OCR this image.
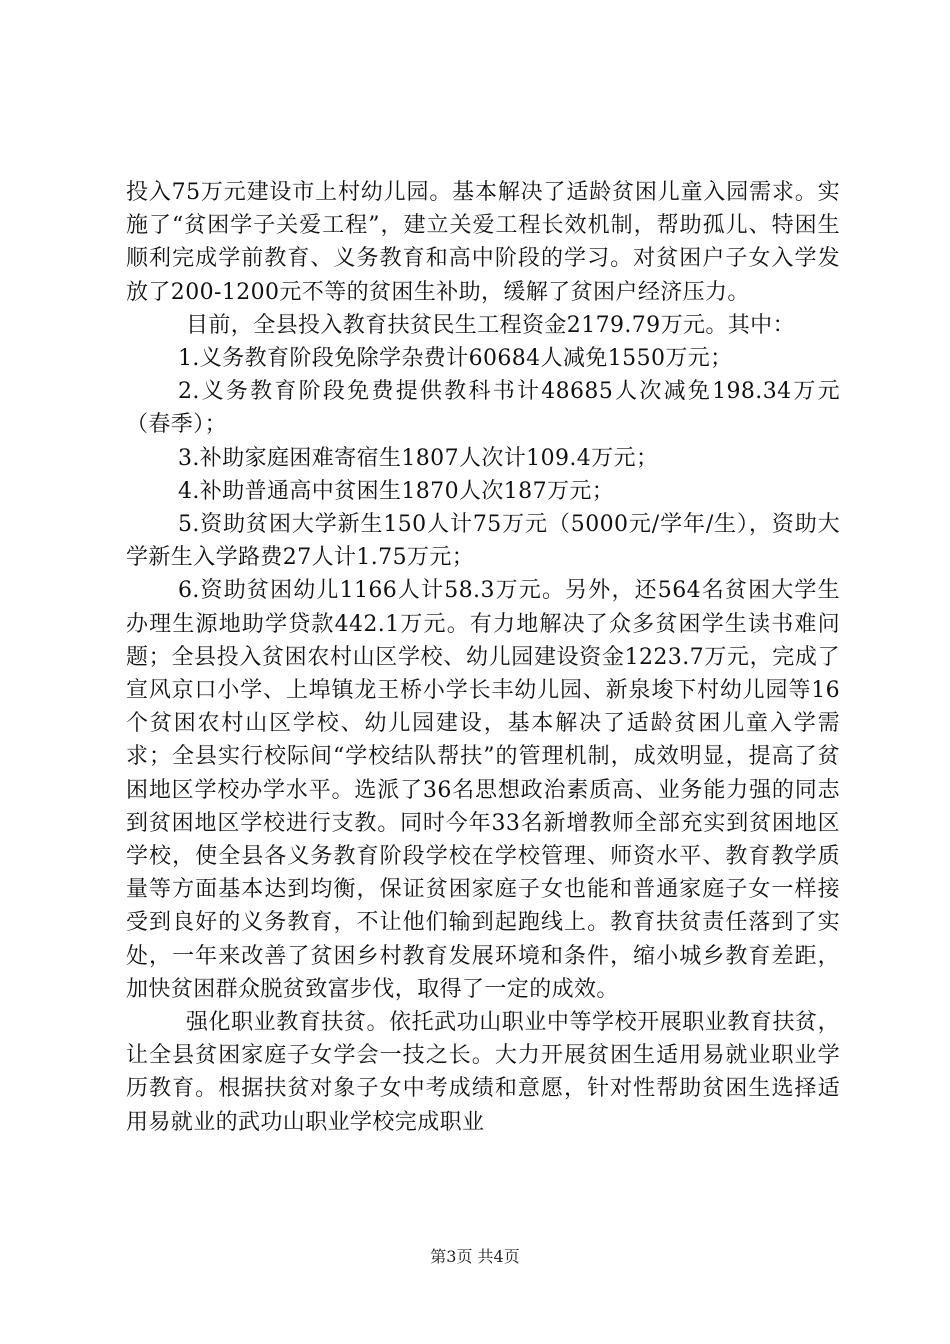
投入75万元建设市上村幼儿园。基本解决了适龄贫困儿童入园需求。实施了“贫困学子关爱工程”，建立关爱工程长效机制，帮助孤儿、特困生顺利完成学前教育、义务教育和高中阶段的学习。对贫困户子女入学发放了200-1200元不等的贫困生补助，缓解了贫困户经济压力。

目前，全县投入教育扶贫民生工程资金2179.79万元。其中：

1.义务教育阶段免除学杂费计60684人减免1550万元；

2.义务教育阶段免费提供教科书计48685人次减免198.34万元（春季）；

3.补助家庭困难寄宿生1807人次计109.4万元；

4.补助普通高中贫困生1870人次187万元；

5.资助贫困大学新生150人计75万元（5000元/学年/生），资助大学新生入学路费27人计1.75万元；

6.资助贫困幼儿1166人计58.3万元。另外，还564名贫困大学生办理生源地助学贷款442.1万元。有力地解决了众多贫困学生读书难问题；全县投入贫困农村山区学校、幼儿园建设资金1223.7万元，完成了宣风京口小学、上埠镇龙王桥小学长丰幼儿园、新泉埈下村幼儿园等16个贫困农村山区学校、幼儿园建设，基本解决了适龄贫困儿童入学需求；全县实行校际间“学校结队帮扶”的管理机制，成效明显，提高了贫困地区学校办学水平。选派了36名思想政治素质高、业务能力强的同志到贫困地区学校进行支教。同时今年33名新增教师全部充实到贫困地区学校，使全县各义务教育阶段学校在学校管理、师资水平、教育教学质量等方面基本达到均衡，保证贫困家庭子女也能和普通家庭子女一样接受到良好的义务教育，不让他们输到起跑线上。教育扶贫责任落到了实处，一年来改善了贫困乡村教育发展环境和条件，缩小城乡教育差距，加快贫困群众脱贫致富步伐，取得了一定的成效。

强化职业教育扶贫。依托武功山职业中等学校开展职业教育扶贫，让全县贫困家庭子女学会一技之长。大力开展贫困生适用易就业职业学历教育。根据扶贫对象子女中考成绩和意愿，针对性帮助贫困生选择适用易就业的武功山职业学校完成职业

第3页 共4页
